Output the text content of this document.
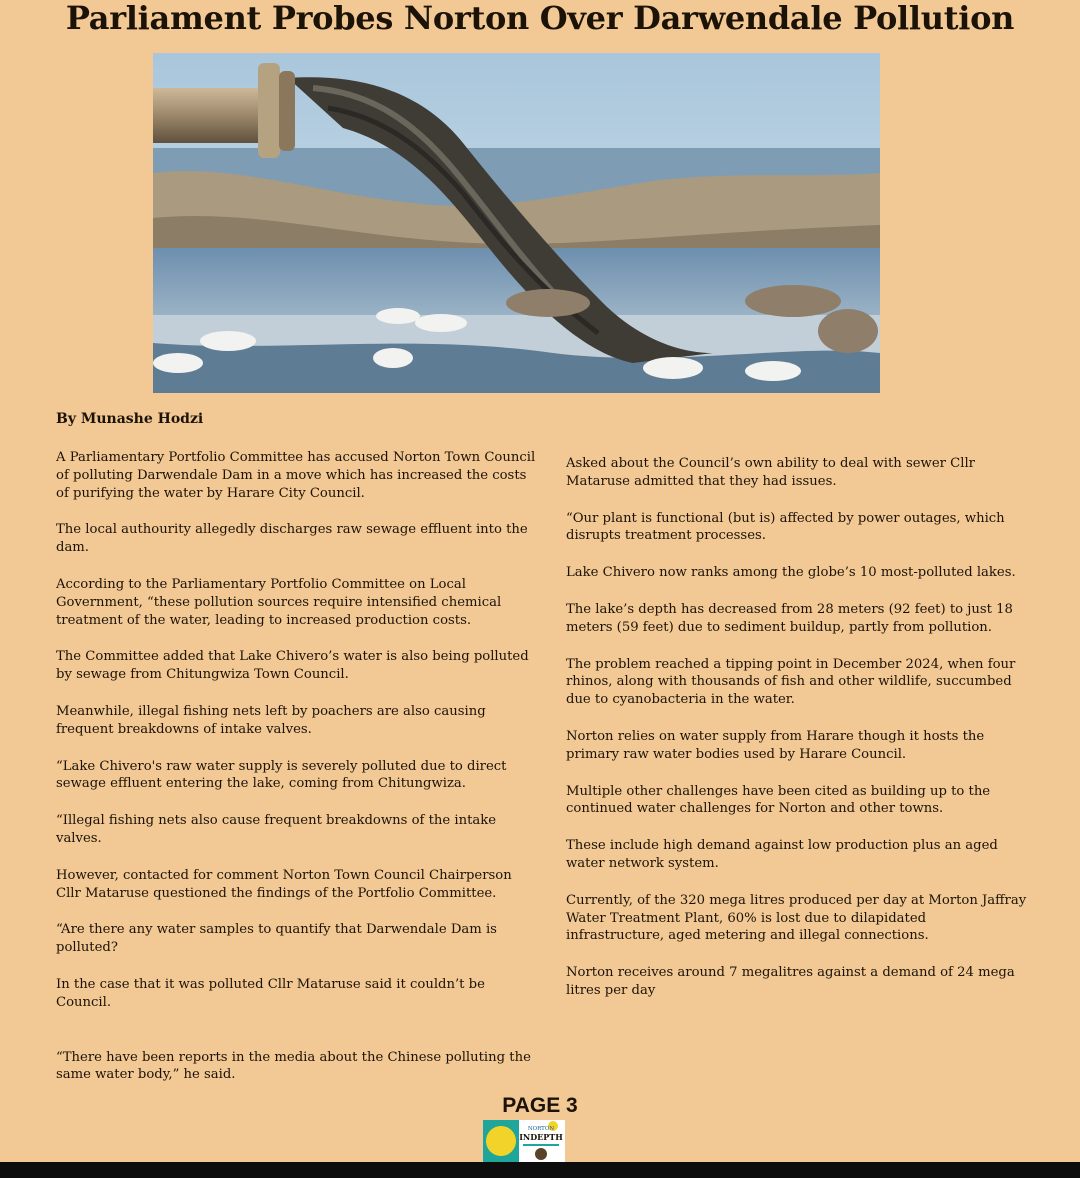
Parliament Probes Norton Over Darwendale Pollution
By Munashe Hodzi

A Parliamentary Portfolio Committee has accused Norton Town Council of polluting Darwendale Dam in a move which has increased the costs of purifying the water by Harare City Council.

The local authourity allegedly discharges raw sewage effluent into the dam.

According to the Parliamentary Portfolio Committee on Local Government, “these pollution sources require intensified chemical treatment of the water, leading to increased production costs.

The Committee added that Lake Chivero’s water is also being polluted by sewage from Chitungwiza Town Council.

Meanwhile, illegal fishing nets left by poachers are also causing frequent breakdowns of intake valves.

“Lake Chivero's raw water supply is severely polluted due to direct sewage effluent entering the lake, coming from Chitungwiza.

“Illegal fishing nets also cause frequent breakdowns of the intake valves.

However, contacted for comment Norton Town Council Chairperson Cllr Mataruse questioned the findings of the Portfolio Committee.

“Are there any water samples to quantify that Darwendale Dam is polluted?

In the case that it was polluted Cllr Mataruse said it couldn’t be Council.

“There have been reports in the media about the Chinese polluting the same water body,” he said.

Asked about the Council’s own ability to deal with sewer Cllr Mataruse admitted that they had issues.

“Our plant is functional (but is) affected by power outages, which disrupts treatment processes.

Lake Chivero now ranks among the globe’s 10 most-polluted lakes.

The lake’s depth has decreased from 28 meters (92 feet) to just 18 meters (59 feet) due to sediment buildup, partly from pollution.

The problem reached a tipping point in December 2024, when four rhinos, along with thousands of fish and other wildlife, succumbed due to cyanobacteria in the water.

Norton relies on water supply from Harare though it hosts the primary raw water bodies used by Harare Council.

Multiple other challenges have been cited as building up to the continued water challenges for Norton and other towns.

These include high demand against low production plus an aged water network system.

Currently, of the 320 mega litres produced per day at Morton Jaffray Water Treatment Plant, 60% is lost due to dilapidated infrastructure, aged metering and illegal connections.

Norton receives around 7 megalitres against a demand of 24 mega litres per day

PAGE 3
NORTON
INDEPTH
